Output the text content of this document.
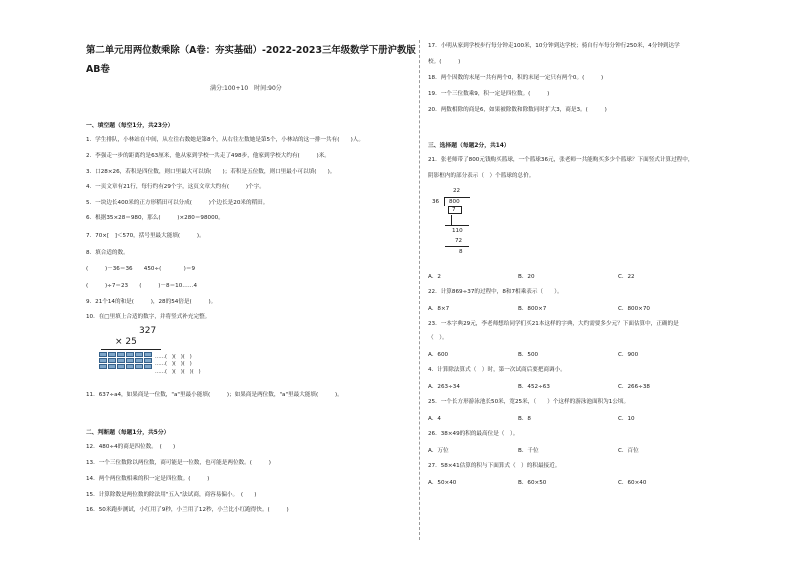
第二单元用两位数乘除（A卷：夯实基础）-2022-2023三年级数学下册沪教版AB卷
满分:100+10　时间:90分
一、填空题（每空1分，共23分）
1．学生排队，小林站在中间，从左往右数她是第8个，从右往左数她是第5个，小林站的这一排一共有(　　)人。
2．李强走一步的距离约是63厘米，他从家到学校一共走了498步，他家到学校大约有(　　　)米。
3．口28×26，若积是四位数，则口里最大可以填(　　)；若积是五位数，则口里最小可以填(　　)。
4．一页文章有21行，每行约有29个字，这页文章大约有(　　　)个字。
5．一块边长400米的正方形稻田可以分成(　　　)个边长是20米的稻田。
6．根据35×28＝980，那么(　　　)×280＝98000。
7．70×[　]＜570，括号里最大能填(　　　)。
8．填合适的数。
(　　　)－36＝36　　450÷(　　　　)＝9
(　　　)÷7＝23　　(　　　)－8＝10……4
9．21个14的和是(　　　)，28的54倍是(　　　)。
10．在□里填上合适的数字，并将竖式补充完整。
327
× 25
……(　)(　)(　)
……(　)(　)(　)
……(　)(　)(　)(　)
11．637÷a4，如果商是一位数，"a"里最小能填(　　　)；如果商是两位数，"a"里最大能填(　　　)。
二、判断题（每题1分，共5分）
12．480÷4的商是四位数。　(　　)
13．一个三位数除以两位数，商可能是一位数，也可能是两位数。(　　　)
14．两个两位数相乘的积一定是四位数。(　　　)
15．计算除数是两位数的除法用"五入"法试商，商容易偏小。　(　　)
16．50米跑步测试，小红用了9秒，小兰用了12秒，小兰比小红跑得快。(　　　)
17．小明从家到学校步行每分钟走100米，10分钟到达学校；骑自行车每分钟行250米，4分钟到达学
校。(　　　)
18．两个因数的末尾一共有两个0，积的末尾一定只有两个0。(　　　)
19．一个三位数乘9，积一定是四位数。(　　　)
20．两数相除的商是6，如果被除数和除数同时扩大3，商是3。(　　　)
三、选择题（每题2分，共14）
21．张老师带了800元钱购买篮球，一个篮球36元，张老师一共能购买多少个篮球？下面竖式计算过程中，
阴影框内的部分表示（　）个篮球的总价。
22
36 800
7
110
72
8
A．2	B．20	C．22
22．计算869÷37的过程中，8和7相乘表示（　　）。
A．8×7	B．800×7	C．800×70
23．一本字典29元，李老师想给同学们买21本这样的字典，大约需要多少元？下面估算中，正确的是
（　）。
A．600	B．500	C．900
4．计算除法算式（　）时，第一次试商后要把商调小。
A．263÷34	B．452÷63	C．266÷38
25．一个长方形游泳池长50米，宽25米，（　　）个这样的游泳池面积为1公顷。
A．4	B．8	C．10
26．38×49的积的最高位是（　）。
A．万位	B．千位	C．百位
27．58×41估算的积与下面算式（　）的积最接近。
A．50×40	B．60×50	C．60×40
